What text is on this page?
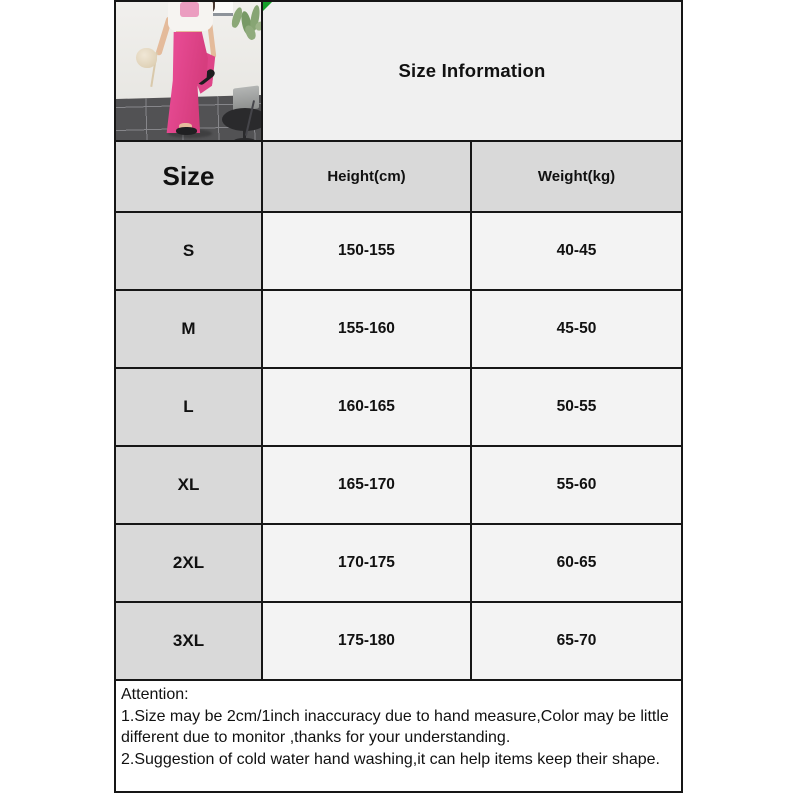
Size Information
Size	Height(cm)	Weight(kg)
S	150-155	40-45
M	155-160	45-50
L	160-165	50-55
XL	165-170	55-60
2XL	170-175	60-65
3XL	175-180	65-70
Attention:
1.Size may be 2cm/1inch inaccuracy due to hand measure,Color may be little different due to monitor ,thanks for your understanding.
2.Suggestion of cold water hand washing,it can help items keep their shape.
